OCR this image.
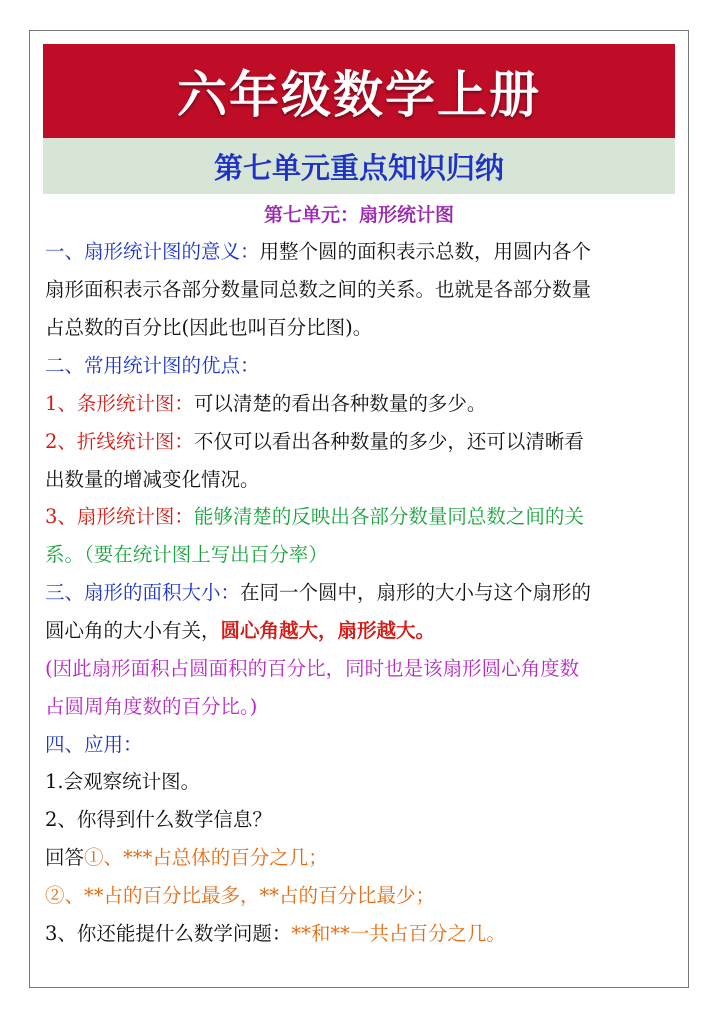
六年级数学上册
第七单元重点知识归纳
第七单元：扇形统计图
一、扇形统计图的意义：用整个圆的面积表示总数，用圆内各个
扇形面积表示各部分数量同总数之间的关系。也就是各部分数量
占总数的百分比(因此也叫百分比图)。
二、常用统计图的优点：
1、条形统计图：可以清楚的看出各种数量的多少。
2、折线统计图：不仅可以看出各种数量的多少，还可以清晰看
出数量的增减变化情况。
3、扇形统计图：能够清楚的反映出各部分数量同总数之间的关
系。（要在统计图上写出百分率）
三、扇形的面积大小：在同一个圆中，扇形的大小与这个扇形的
圆心角的大小有关，圆心角越大，扇形越大。
(因此扇形面积占圆面积的百分比，同时也是该扇形圆心角度数
占圆周角度数的百分比。)
四、应用：
1.会观察统计图。
2、你得到什么数学信息？
回答①、***占总体的百分之几；
②、**占的百分比最多，**占的百分比最少；
3、你还能提什么数学问题：**和**一共占百分之几。
